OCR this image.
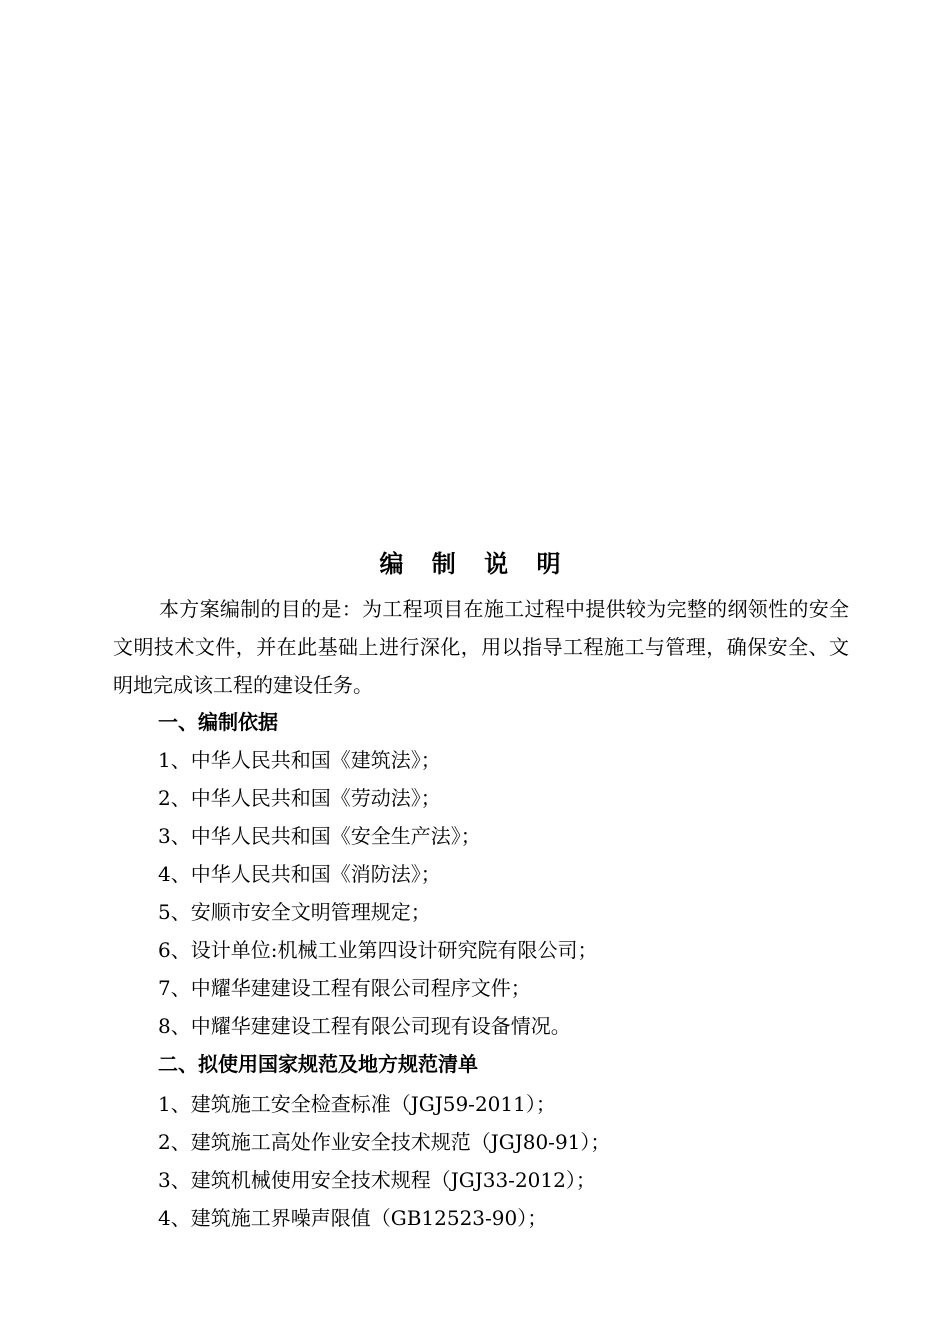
编 制 说 明

本方案编制的目的是：为工程项目在施工过程中提供较为完整的纲领性的安全文明技术文件，并在此基础上进行深化，用以指导工程施工与管理，确保安全、文明地完成该工程的建设任务。

一、编制依据
1、中华人民共和国《建筑法》；
2、中华人民共和国《劳动法》；
3、中华人民共和国《安全生产法》；
4、中华人民共和国《消防法》；
5、安顺市安全文明管理规定；
6、设计单位:机械工业第四设计研究院有限公司；
7、中耀华建建设工程有限公司程序文件；
8、中耀华建建设工程有限公司现有设备情况。
二、拟使用国家规范及地方规范清单
1、建筑施工安全检查标准（JGJ59-2011）；
2、建筑施工高处作业安全技术规范（JGJ80-91）；
3、建筑机械使用安全技术规程（JGJ33-2012）；
4、建筑施工界噪声限值（GB12523-90）；
